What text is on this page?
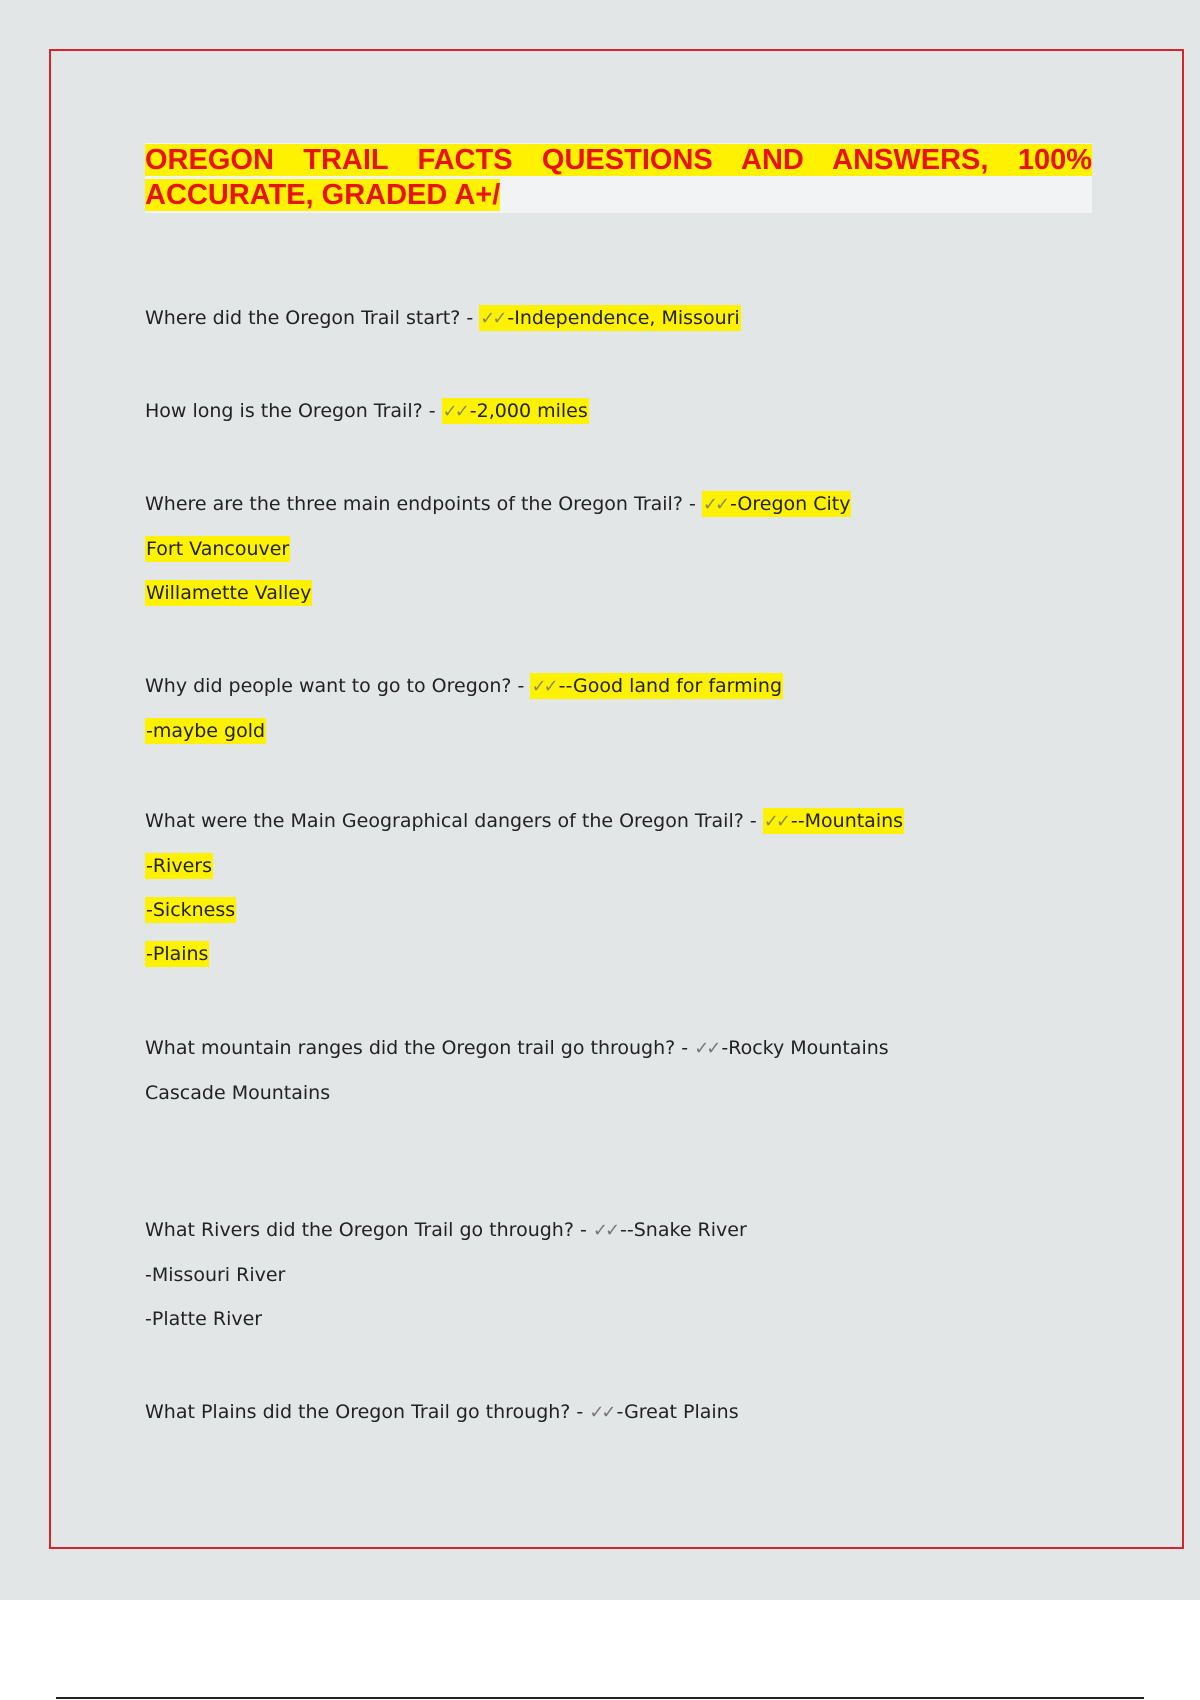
OREGON TRAIL FACTS QUESTIONS AND ANSWERS, 100% ACCURATE, GRADED A+/
Where did the Oregon Trail start? - ✓✓ -Independence, Missouri
How long is the Oregon Trail? - ✓✓ -2,000 miles
Where are the three main endpoints of the Oregon Trail? - ✓✓ -Oregon City
Fort Vancouver
Willamette Valley
Why did people want to go to Oregon? - ✓✓ --Good land for farming
-maybe gold
What were the Main Geographical dangers of the Oregon Trail? - ✓✓ --Mountains
-Rivers
-Sickness
-Plains
What mountain ranges did the Oregon trail go through? - ✓✓ -Rocky Mountains
Cascade Mountains
What Rivers did the Oregon Trail go through? - ✓✓ --Snake River
-Missouri River
-Platte River
What Plains did the Oregon Trail go through? - ✓✓ -Great Plains
